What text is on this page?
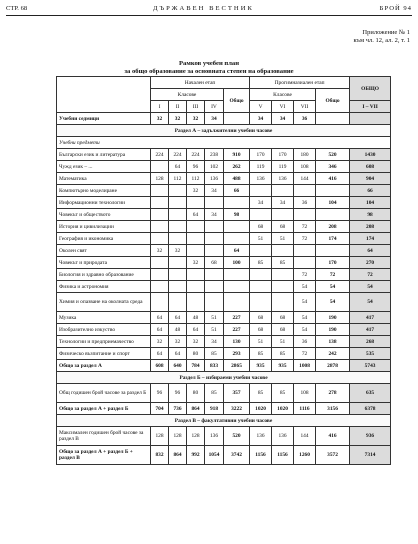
СТР. 68	ДЪРЖАВЕН ВЕСТНИК	БРОЙ 94
Приложение № 1
към чл. 12, ал. 2, т. 1
Рамков учебен план
за общо образование за основната степен на образование
	Начален етап					Прогимназиален етап				ОБЩО
	Класове				Общо	Класове			Общо	
	I	II	III	IV		V	VI	VII		I – VII
Учебни седмици	32	32	32	34		34	34	36		
Раздел А – задължителни учебни часове										
Учебни предмети										
Български език и литература	224	224	224	238	910	170	170	180	520	1430
Чужд език – ...		64	96	102	262	119	119	108	346	608
Математика	128	112	112	136	488	136	136	144	416	904
Компютърно моделиране			32	34	66					66
Информационни технологии						34	34	36	104	104
Човекът и обществото			64	34	98					98
История и цивилизации						68	68	72	208	208
География и икономика						51	51	72	174	174
Околен свят	32	32			64					64
Човекът и природата			32	68	100	85	85		170	270
Биология и здравно образование								72	72	72
Физика и астрономия								54	54	54
Химия и опазване на околната среда								54	54	54
Музика	64	64	48	51	227	68	68	54	190	417
Изобразително изкуство	64	48	64	51	227	68	68	54	190	417
Технологии и предприемачество	32	32	32	34	130	51	51	36	138	268
Физическо възпитание и спорт	64	64	80	85	293	85	85	72	242	535
Общо за раздел А	608	640	784	833	2865	935	935	1008	2878	5743
Раздел Б – избираеми учебни часове										
Общ годишен брой часове за раздел Б	96	96	80	85	357	85	85	108	278	635
Общо за раздел А + раздел Б	704	736	864	918	3222	1020	1020	1116	3156	6378
Раздел В – факултативни учебни часове										
Максимален годишен брой часове за раздел В	128	128	128	136	520	136	136	144	416	936
Общо за раздел А + раздел Б + раздел В	832	864	992	1054	3742	1156	1156	1260	3572	7314
